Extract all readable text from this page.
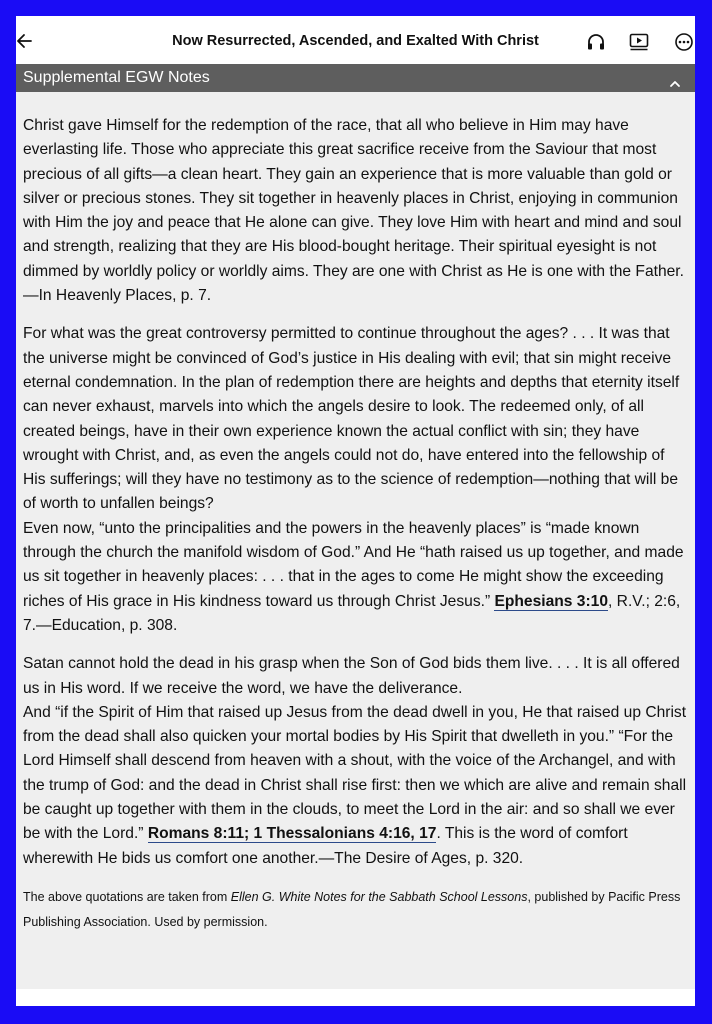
Now Resurrected, Ascended, and Exalted With Christ
Supplemental EGW Notes

Christ gave Himself for the redemption of the race, that all who believe in Him may have everlasting life. Those who appreciate this great sacrifice receive from the Saviour that most precious of all gifts—a clean heart. They gain an experience that is more valuable than gold or silver or precious stones. They sit together in heavenly places in Christ, enjoying in communion with Him the joy and peace that He alone can give. They love Him with heart and mind and soul and strength, realizing that they are His blood-bought heritage. Their spiritual eyesight is not dimmed by worldly policy or worldly aims. They are one with Christ as He is one with the Father.—In Heavenly Places, p. 7.

For what was the great controversy permitted to continue throughout the ages? . . . It was that the universe might be convinced of God’s justice in His dealing with evil; that sin might receive eternal condemnation. In the plan of redemption there are heights and depths that eternity itself can never exhaust, marvels into which the angels desire to look. The redeemed only, of all created beings, have in their own experience known the actual conflict with sin; they have wrought with Christ, and, as even the angels could not do, have entered into the fellowship of His sufferings; will they have no testimony as to the science of redemption—nothing that will be of worth to unfallen beings?

Even now, “unto the principalities and the powers in the heavenly places” is “made known through the church the manifold wisdom of God.” And He “hath raised us up together, and made us sit together in heavenly places: . . . that in the ages to come He might show the exceeding riches of His grace in His kindness toward us through Christ Jesus.” Ephesians 3:10, R.V.; 2:6, 7.—Education, p. 308.

Satan cannot hold the dead in his grasp when the Son of God bids them live. . . . It is all offered us in His word. If we receive the word, we have the deliverance.

And “if the Spirit of Him that raised up Jesus from the dead dwell in you, He that raised up Christ from the dead shall also quicken your mortal bodies by His Spirit that dwelleth in you.” “For the Lord Himself shall descend from heaven with a shout, with the voice of the Archangel, and with the trump of God: and the dead in Christ shall rise first: then we which are alive and remain shall be caught up together with them in the clouds, to meet the Lord in the air: and so shall we ever be with the Lord.” Romans 8:11; 1 Thessalonians 4:16, 17. This is the word of comfort wherewith He bids us comfort one another.—The Desire of Ages, p. 320.

The above quotations are taken from Ellen G. White Notes for the Sabbath School Lessons, published by Pacific Press Publishing Association. Used by permission.
